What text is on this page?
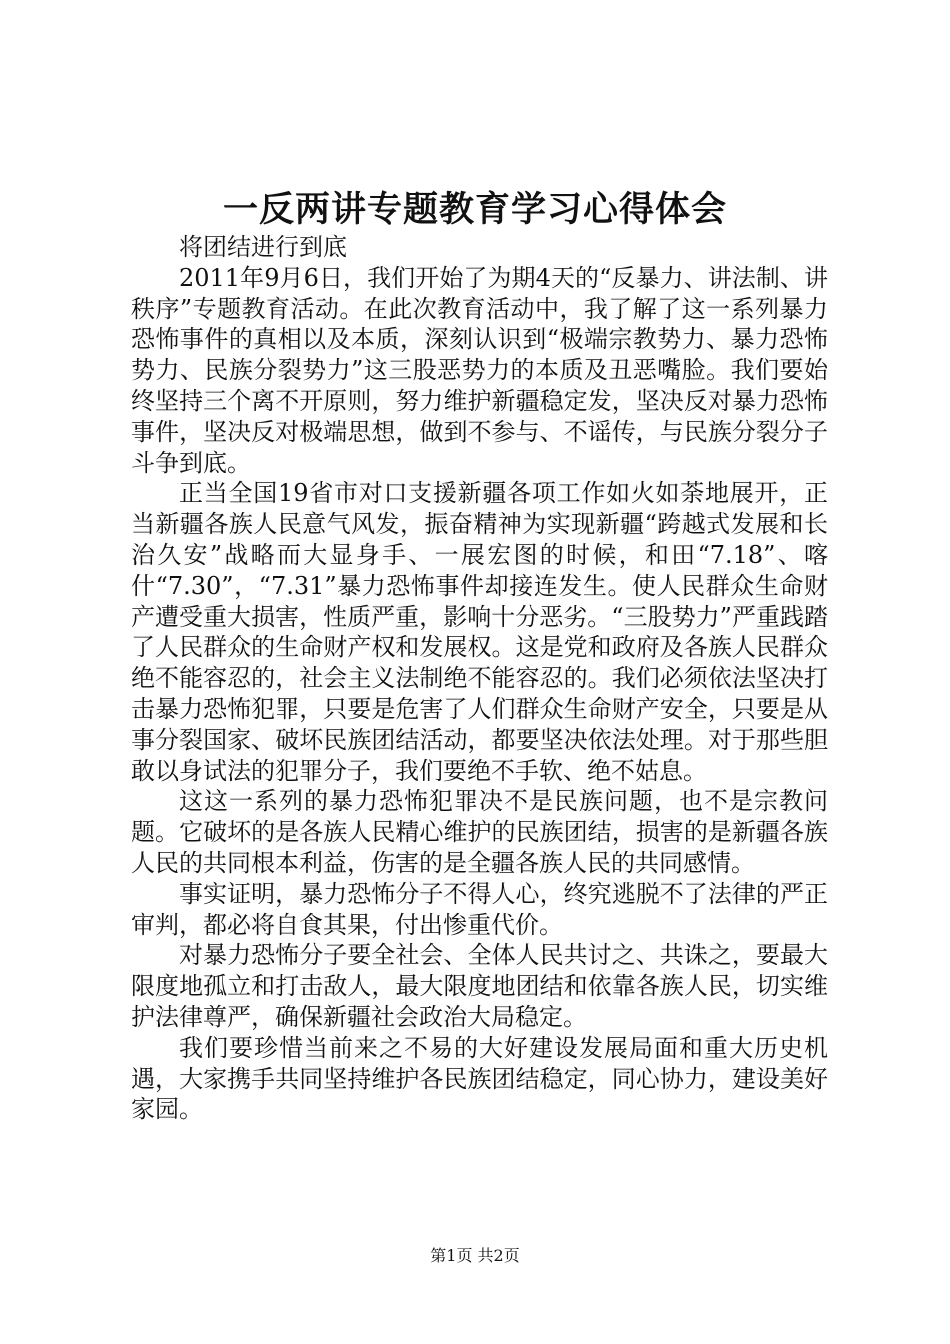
一反两讲专题教育学习心得体会

将团结进行到底

2011年9月6日，我们开始了为期4天的“反暴力、讲法制、讲秩序”专题教育活动。在此次教育活动中，我了解了这一系列暴力恐怖事件的真相以及本质，深刻认识到“极端宗教势力、暴力恐怖势力、民族分裂势力”这三股恶势力的本质及丑恶嘴脸。我们要始终坚持三个离不开原则，努力维护新疆稳定发，坚决反对暴力恐怖事件，坚决反对极端思想，做到不参与、不谣传，与民族分裂分子斗争到底。

正当全国19省市对口支援新疆各项工作如火如荼地展开，正当新疆各族人民意气风发，振奋精神为实现新疆“跨越式发展和长治久安”战略而大显身手、一展宏图的时候，和田“7.18”、喀什“7.30”，“7.31”暴力恐怖事件却接连发生。使人民群众生命财产遭受重大损害，性质严重，影响十分恶劣。“三股势力”严重践踏了人民群众的生命财产权和发展权。这是党和政府及各族人民群众绝不能容忍的，社会主义法制绝不能容忍的。我们必须依法坚决打击暴力恐怖犯罪，只要是危害了人们群众生命财产安全，只要是从事分裂国家、破坏民族团结活动，都要坚决依法处理。对于那些胆敢以身试法的犯罪分子，我们要绝不手软、绝不姑息。

这这一系列的暴力恐怖犯罪决不是民族问题，也不是宗教问题。它破坏的是各族人民精心维护的民族团结，损害的是新疆各族人民的共同根本利益，伤害的是全疆各族人民的共同感情。

事实证明，暴力恐怖分子不得人心，终究逃脱不了法律的严正审判，都必将自食其果，付出惨重代价。

对暴力恐怖分子要全社会、全体人民共讨之、共诛之，要最大限度地孤立和打击敌人，最大限度地团结和依靠各族人民，切实维护法律尊严，确保新疆社会政治大局稳定。

我们要珍惜当前来之不易的大好建设发展局面和重大历史机遇，大家携手共同坚持维护各民族团结稳定，同心协力，建设美好家园。

第1页 共2页
